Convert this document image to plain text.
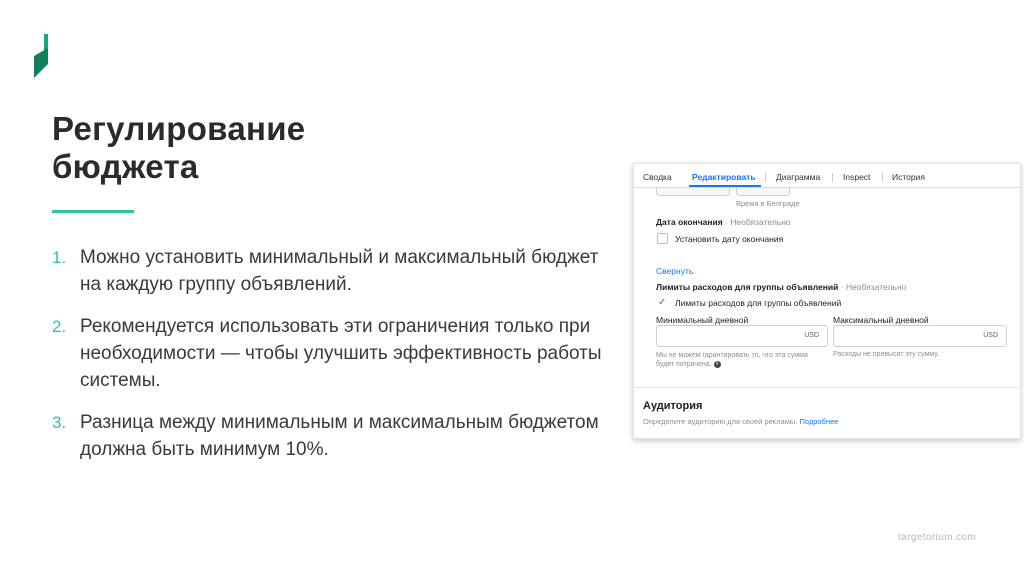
Регулирование
бюджета
1. Можно установить минимальный и максимальный бюджет на каждую группу объявлений.
2. Рекомендуется использовать эти ограничения только при необходимости — чтобы улучшить эффективность работы системы.
3. Разница между минимальным и максимальным бюджетом должна быть минимум 10%.
Сводка Редактировать Диаграмма	Inspect	История
Время в Белграде
Дата окончания · Необязательно
Установить дату окончания
Свернуть
Лимиты расходов для группы объявлений · Необязательно
✓ Лимиты расходов для группы объявлений
Минимальный дневной	Максимальный дневной
USD	USD
Мы не можем гарантировать то, что эта сумма будет потрачена. i
Расходы не превысят эту сумму.
Аудитория
Определите аудиторию для своей рекламы. Подробнее
targetorium.com
